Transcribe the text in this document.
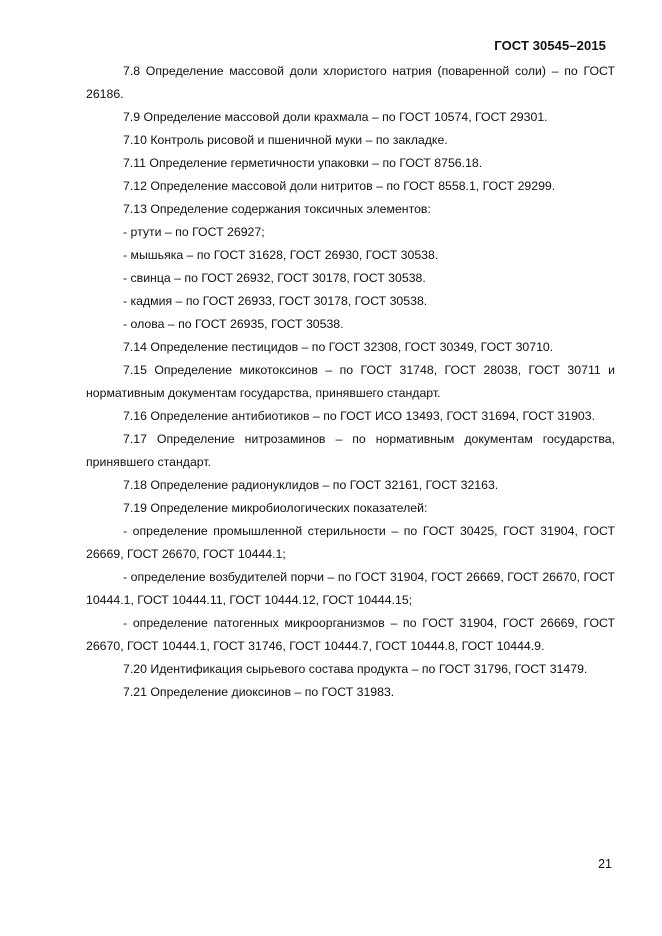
ГОСТ 30545–2015

7.8 Определение массовой доли хлористого натрия (поваренной соли) – по ГОСТ 26186.

7.9 Определение массовой доли крахмала – по ГОСТ 10574, ГОСТ 29301.

7.10 Контроль рисовой и пшеничной муки – по закладке.

7.11 Определение герметичности упаковки – по ГОСТ 8756.18.

7.12 Определение массовой доли нитритов – по ГОСТ 8558.1, ГОСТ 29299.

7.13 Определение содержания токсичных элементов:

- ртути – по ГОСТ 26927;

- мышьяка – по ГОСТ 31628, ГОСТ 26930, ГОСТ 30538.

- свинца – по ГОСТ 26932, ГОСТ 30178, ГОСТ 30538.

- кадмия – по ГОСТ 26933, ГОСТ 30178, ГОСТ 30538.

- олова – по ГОСТ 26935, ГОСТ 30538.

7.14 Определение пестицидов – по ГОСТ 32308, ГОСТ 30349, ГОСТ 30710.

7.15 Определение микотоксинов – по ГОСТ 31748, ГОСТ 28038, ГОСТ 30711 и нормативным документам государства, принявшего стандарт.

7.16 Определение антибиотиков – по ГОСТ ИСО 13493, ГОСТ 31694, ГОСТ 31903.

7.17 Определение нитрозаминов – по нормативным документам государства, принявшего стандарт.

7.18 Определение радионуклидов – по ГОСТ 32161, ГОСТ 32163.

7.19 Определение микробиологических показателей:

- определение промышленной стерильности – по ГОСТ 30425, ГОСТ 31904, ГОСТ 26669, ГОСТ 26670, ГОСТ 10444.1;

- определение возбудителей порчи – по ГОСТ 31904, ГОСТ 26669, ГОСТ 26670, ГОСТ 10444.1, ГОСТ 10444.11, ГОСТ 10444.12, ГОСТ 10444.15;

- определение патогенных микроорганизмов – по ГОСТ 31904, ГОСТ 26669, ГОСТ 26670, ГОСТ 10444.1, ГОСТ 31746, ГОСТ 10444.7, ГОСТ 10444.8, ГОСТ 10444.9.

7.20 Идентификация сырьевого состава продукта – по ГОСТ 31796, ГОСТ 31479.

7.21 Определение диоксинов – по ГОСТ 31983.

21
